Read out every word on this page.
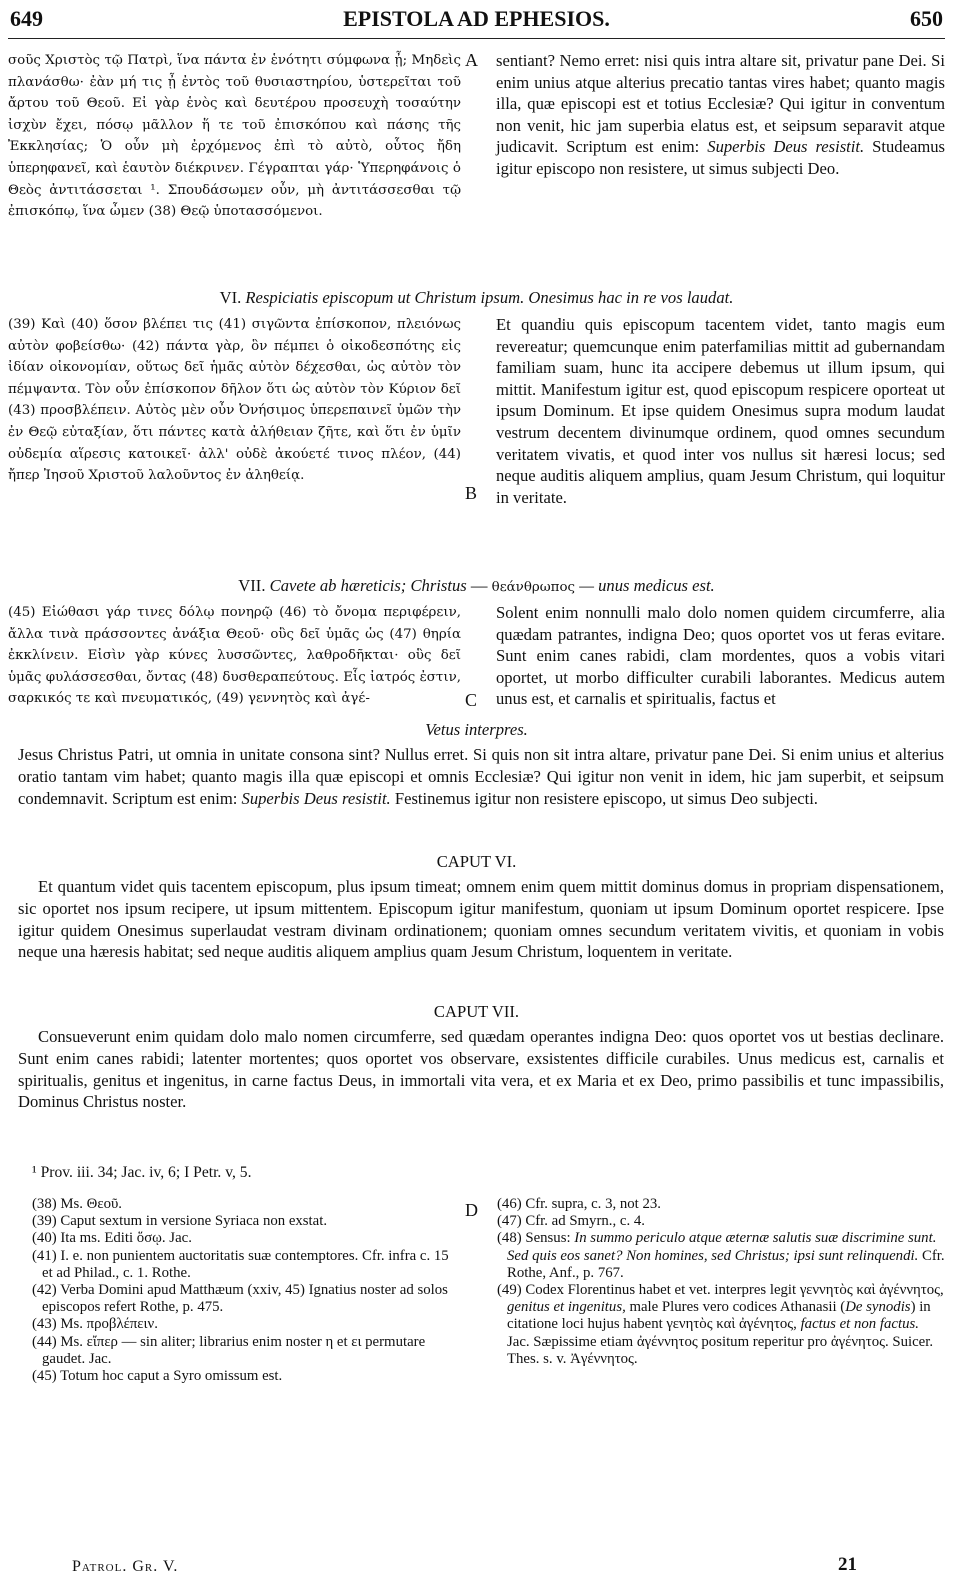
649	EPISTOLA AD EPHESIOS.	650
σοῦς Χριστὸς τῷ Πατρὶ, ἵνα πάντα ἐν ἑνότητι σύμφωνα ᾖ; Μηδεὶς πλανάσθω· ἐὰν μή τις ᾖ ἐντὸς τοῦ θυσιαστηρίου, ὑστερεῖται τοῦ ἄρτου τοῦ Θεοῦ. Εἰ γὰρ ἑνὸς καὶ δευτέρου προσευχὴ τοσαύτην ἰσχὺν ἔχει, πόσῳ μᾶλλον ἥ τε τοῦ ἐπισκόπου καὶ πάσης τῆς Ἐκκλησίας; Ὁ οὖν μὴ ἐρχόμενος ἐπὶ τὸ αὐτὸ, οὗτος ἤδη ὑπερηφανεῖ, καὶ ἑαυτὸν διέκρινεν. Γέγραπται γάρ· Ὑπερηφάνοις ὁ Θεὸς ἀντιτάσσεται ¹. Σπουδάσωμεν οὖν, μὴ ἀντιτάσσεσθαι τῷ ἐπισκόπῳ, ἵνα ὦμεν (38) Θεῷ ὑποτασσόμενοι.
A sentiant? Nemo erret: nisi quis intra altare sit, privatur pane Dei. Si enim unius atque alterius precatio tantas vires habet; quanto magis illa, quæ episcopi est et totius Ecclesiæ? Qui igitur in conventum non venit, hic jam superbia elatus est, et seipsum separavit atque judicavit. Scriptum est enim: Superbis Deus resistit. Studeamus igitur episcopo non resistere, ut simus subjecti Deo.
VI. Respiciatis episcopum ut Christum ipsum. Onesimus hac in re vos laudat.
(39) Καὶ (40) ὅσον βλέπει τις (41) σιγῶντα ἐπίσκοπον, πλειόνως αὐτὸν φοβείσθω· (42) πάντα γὰρ, ὃν πέμπει ὁ οἰκοδεσπότης εἰς ἰδίαν οἰκονομίαν, οὕτως δεῖ ἡμᾶς αὐτὸν δέχεσθαι, ὡς αὐτὸν τὸν πέμψαντα. Τὸν οὖν ἐπίσκοπον δῆλον ὅτι ὡς αὐτὸν τὸν Κύριον δεῖ (43) προσβλέπειν. Αὐτὸς μὲν οὖν Ὀνήσιμος ὑπερεπαινεῖ ὑμῶν τὴν ἐν Θεῷ εὐταξίαν, ὅτι πάντες κατὰ ἀλήθειαν ζῆτε, καὶ ὅτι ἐν ὑμῖν οὐδεμία αἵρεσις κατοικεῖ· ἀλλ' οὐδὲ ἀκούετέ τινος πλέον, (44) ἤπερ Ἰησοῦ Χριστοῦ λαλοῦντος ἐν ἀληθείᾳ.
B
Et quandiu quis episcopum tacentem videt, tanto magis eum revereatur; quemcunque enim paterfamilias mittit ad gubernandam familiam suam, hunc ita accipere debemus ut illum ipsum, qui mittit. Manifestum igitur est, quod episcopum respicere oporteat ut ipsum Dominum. Et ipse quidem Onesimus supra modum laudat vestrum decentem divinumque ordinem, quod omnes secundum veritatem vivatis, et quod inter vos nullus sit hæresi locus; sed neque auditis aliquem amplius, quam Jesum Christum, qui loquitur in veritate.
VII. Cavete ab hæreticis; Christus — θεάνθρωπος — unus medicus est.
(45) Εἰώθασι γάρ τινες δόλῳ πονηρῷ (46) τὸ ὄνομα περιφέρειν, ἄλλα τινὰ πράσσοντες ἀνάξια Θεοῦ· οὓς δεῖ ὑμᾶς ὡς (47) θηρία ἐκκλίνειν. Εἰσὶν γὰρ κύνες λυσσῶντες, λαθροδῆκται· οὓς δεῖ ὑμᾶς φυλάσσεσθαι, ὄντας (48) δυσθεραπεύτους. Εἷς ἰατρός ἐστιν, σαρκικός τε καὶ πνευματικός, (49) γεννητὸς καὶ ἀγέ-	C
Solent enim nonnulli malo dolo nomen quidem circumferre, alia quædam patrantes, indigna Deo; quos oportet vos ut feras evitare. Sunt enim canes rabidi, clam mordentes, quos a vobis vitari oportet, ut morbo difficulter curabili laborantes. Medicus autem unus est, et carnalis et spiritualis, factus et
Vetus interpres.
Jesus Christus Patri, ut omnia in unitate consona sint? Nullus erret. Si quis non sit intra altare, privatur pane Dei. Si enim unius et alterius oratio tantam vim habet; quanto magis illa quæ episcopi et omnis Ecclesiæ? Qui igitur non venit in idem, hic jam superbit, et seipsum condemnavit. Scriptum est enim: Superbis Deus resistit. Festinemus igitur non resistere episcopo, ut simus Deo subjecti.
CAPUT VI.
Et quantum videt quis tacentem episcopum, plus ipsum timeat; omnem enim quem mittit dominus domus in propriam dispensationem, sic oportet nos ipsum recipere, ut ipsum mittentem. Episcopum igitur manifestum, quoniam ut ipsum Dominum oportet respicere. Ipse igitur quidem Onesimus superlaudat vestram divinam ordinationem; quoniam omnes secundum veritatem vivitis, et quoniam in vobis neque una hæresis habitat; sed neque auditis aliquem amplius quam Jesum Christum, loquentem in veritate.
CAPUT VII.
Consueverunt enim quidam dolo malo nomen circumferre, sed quædam operantes indigna Deo: quos oportet vos ut bestias declinare. Sunt enim canes rabidi; latenter mortentes; quos oportet vos observare, exsistentes difficile curabiles. Unus medicus est, carnalis et spiritualis, genitus et ingenitus, in carne factus Deus, in immortali vita vera, et ex Maria et ex Deo, primo passibilis et tunc impassibilis, Dominus Christus noster.
¹ Prov. iii. 34; Jac. iv, 6; I Petr. v, 5.

(38) Ms. Θεοῦ.

(39) Caput sextum in versione Syriaca non exstat.

(40) Ita ms. Editi ὅσῳ. Jac.

(41) I. e. non punientem auctoritatis suæ contemptores. Cfr. infra c. 15 et ad Philad., c. 1. Rothe.

(42) Verba Domini apud Matthæum (xxiv, 45) Ignatius noster ad solos episcopos refert Rothe, p. 475.

(43) Ms. προβλέπειν.

(44) Ms. εἴπερ — sin aliter; librarius enim noster η et ει permutare gaudet. Jac.

(45) Totum hoc caput a Syro omissum est.

D (46) Cfr. supra, c. 3, not 23.

(47) Cfr. ad Smyrn., c. 4.

(48) Sensus: In summo periculo atque æternæ salutis suæ discrimine sunt. Sed quis eos sanet? Non homines, sed Christus; ipsi sunt relinquendi. Cfr. Rothe, Anf., p. 767.

(49) Codex Florentinus habet et vet. interpres legit γεννητὸς καὶ ἀγέννητος, genitus et ingenitus, male Plures vero codices Athanasii (De synodis) in citatione loci hujus habent γενητὸς καὶ ἀγένητος, factus et non factus. Jac. Sæpissime etiam ἀγέννητος positum reperitur pro ἀγένητος. Suicer. Thes. s. v. Ἀγέννητος.

Patrol. Gr. V.	21
